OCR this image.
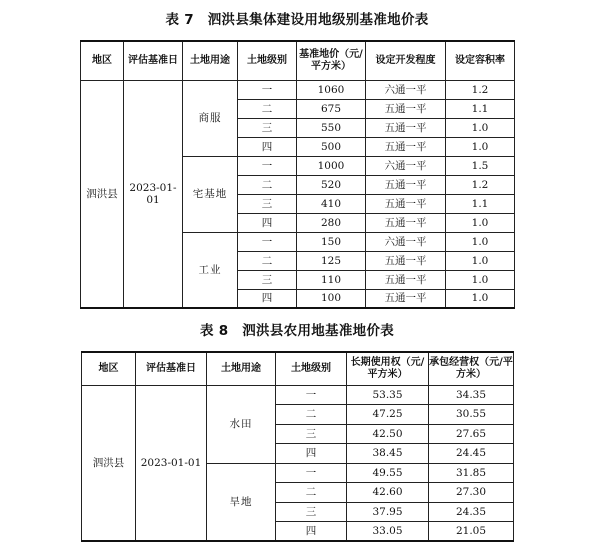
表 7　泗洪县集体建设用地级别基准地价表
地区	评估基准日	土地用途	土地级别	基准地价（元/平方米）	设定开发程度	设定容积率
泗洪县	2023-01-01	商服	一	1060	六通一平	1.2
			二	675	五通一平	1.1
			三	550	五通一平	1.0
			四	500	五通一平	1.0
		宅基地	一	1000	六通一平	1.5
			二	520	五通一平	1.2
			三	410	五通一平	1.1
			四	280	五通一平	1.0
		工业	一	150	六通一平	1.0
			二	125	五通一平	1.0
			三	110	五通一平	1.0
			四	100	五通一平	1.0
表 8　泗洪县农用地基准地价表
地区	评估基准日	土地用途	土地级别	长期使用权（元/平方米）	承包经营权（元/平方米）
泗洪县	2023-01-01	水田	一	53.35	34.35
			二	47.25	30.55
			三	42.50	27.65
			四	38.45	24.45
		旱地	一	49.55	31.85
			二	42.60	27.30
			三	37.95	24.35
			四	33.05	21.05
